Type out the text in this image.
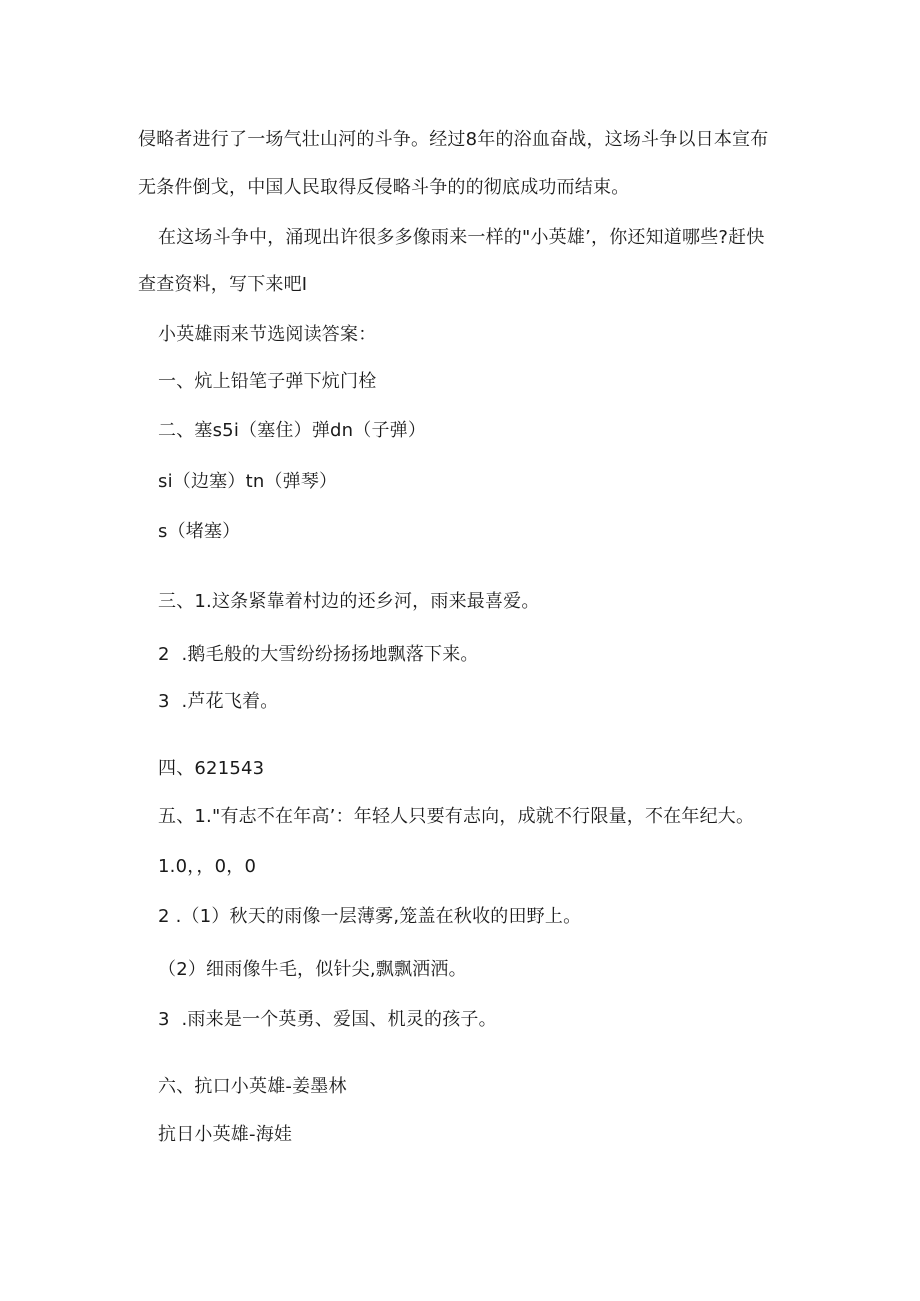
侵略者进行了一场气壮山河的斗争。经过8年的浴血奋战，这场斗争以日本宣布
无条件倒戈，中国人民取得反侵略斗争的的彻底成功而结束。
在这场斗争中，涌现出许很多多像雨来一样的"小英雄’，你还知道哪些?赶快
查查资料，写下来吧I
小英雄雨来节选阅读答案：
一、炕上铅笔子弹下炕门栓
二、塞s5i（塞住）弹dn（子弹）
si（边塞）tn（弹琴）
s（堵塞）
三、1.这条紧靠着村边的还乡河，雨来最喜爱。
2  .鹅毛般的大雪纷纷扬扬地飘落下来。
3  .芦花飞着。
四、621543
五、1."有志不在年高’：年轻人只要有志向，成就不行限量，不在年纪大。
1.0，，0，0
2 .（1）秋天的雨像一层薄雾,笼盖在秋收的田野上。
（2）细雨像牛毛，似针尖,飘飘洒洒。
3  .雨来是一个英勇、爱国、机灵的孩子。
六、抗口小英雄-姜墨林
抗日小英雄-海娃
